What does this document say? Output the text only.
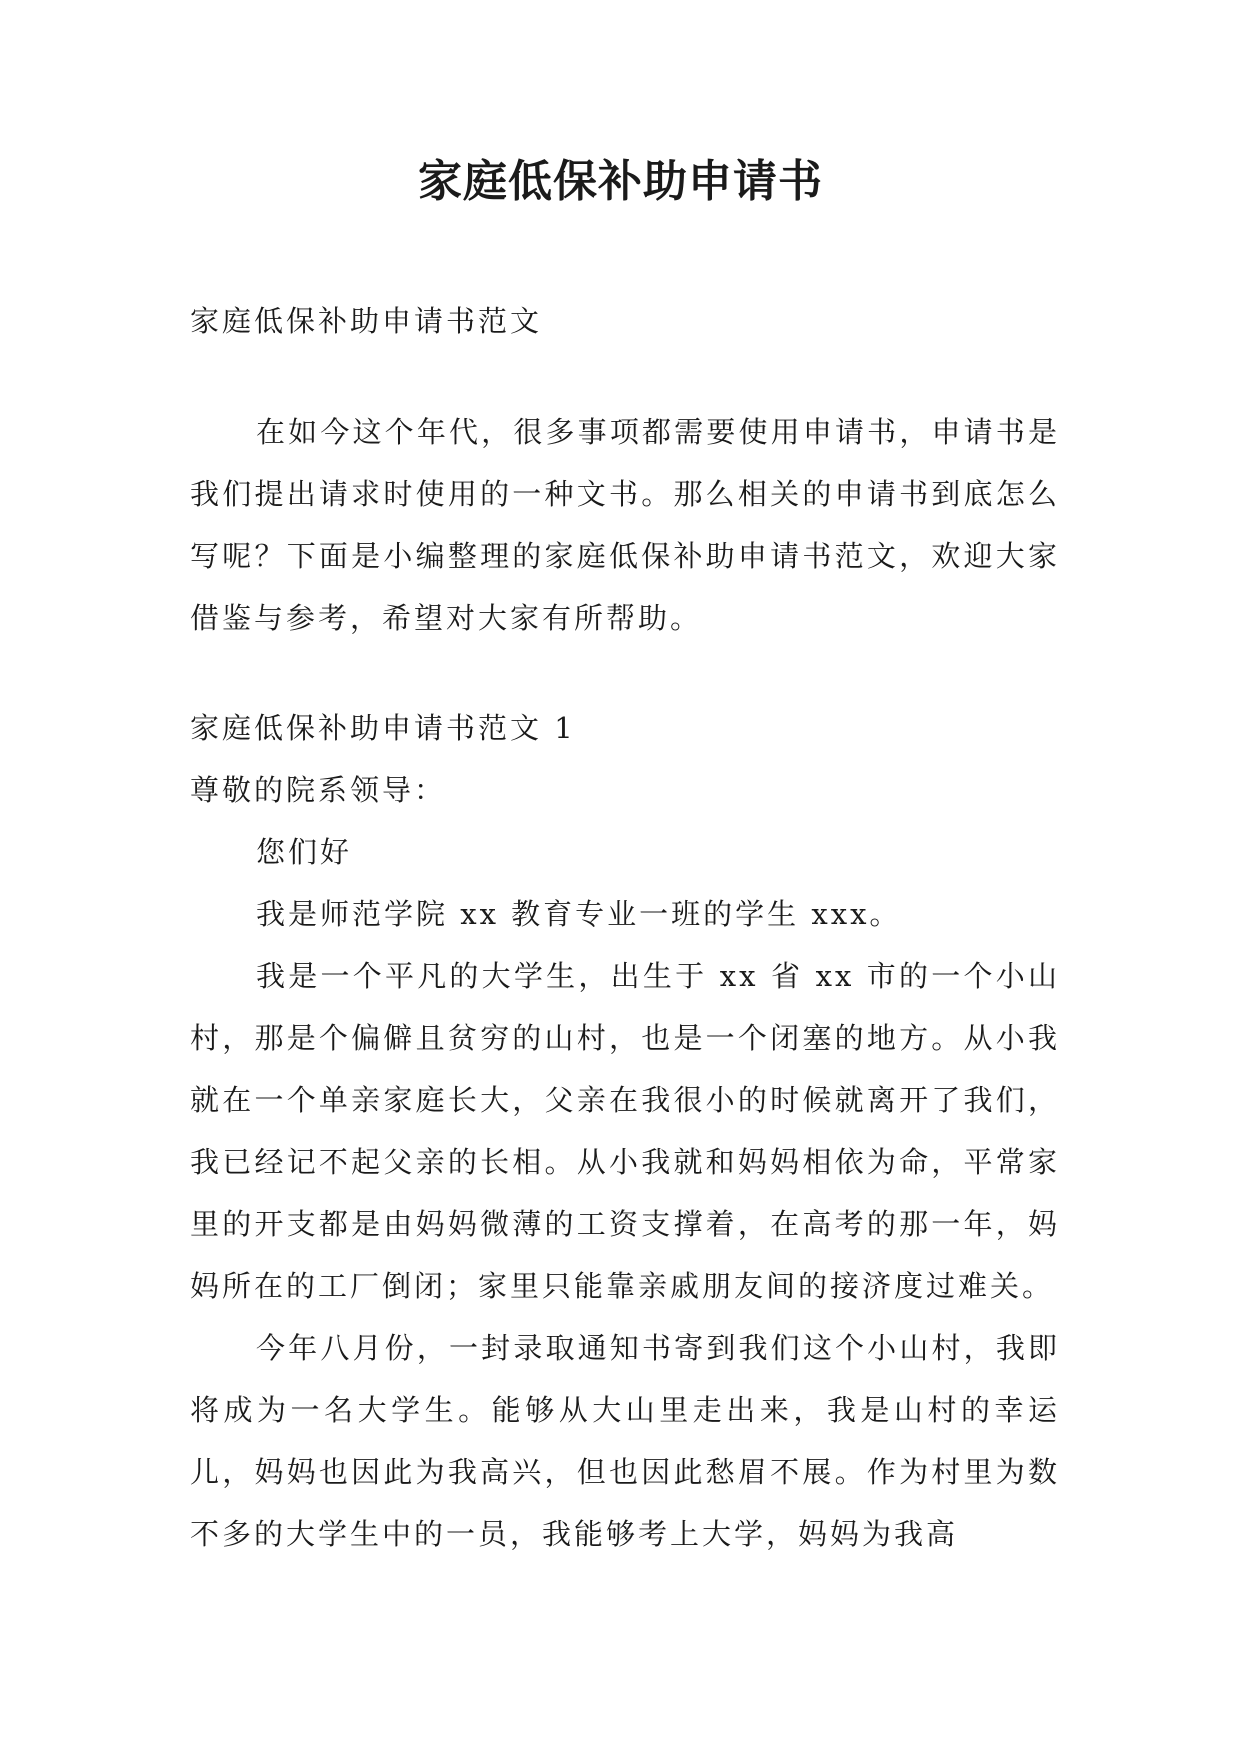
家庭低保补助申请书

家庭低保补助申请书范文

在如今这个年代，很多事项都需要使用申请书，申请书是我们提出请求时使用的一种文书。那么相关的申请书到底怎么写呢？下面是小编整理的家庭低保补助申请书范文，欢迎大家借鉴与参考，希望对大家有所帮助。

家庭低保补助申请书范文 1

尊敬的院系领导：

您们好

我是师范学院 xx 教育专业一班的学生 xxx。

我是一个平凡的大学生，出生于 xx 省 xx 市的一个小山村，那是个偏僻且贫穷的山村，也是一个闭塞的地方。从小我就在一个单亲家庭长大，父亲在我很小的时候就离开了我们，我已经记不起父亲的长相。从小我就和妈妈相依为命，平常家里的开支都是由妈妈微薄的工资支撑着，在高考的那一年，妈妈所在的工厂倒闭；家里只能靠亲戚朋友间的接济度过难关。

今年八月份，一封录取通知书寄到我们这个小山村，我即将成为一名大学生。能够从大山里走出来，我是山村的幸运儿，妈妈也因此为我高兴，但也因此愁眉不展。作为村里为数不多的大学生中的一员，我能够考上大学，妈妈为我高
